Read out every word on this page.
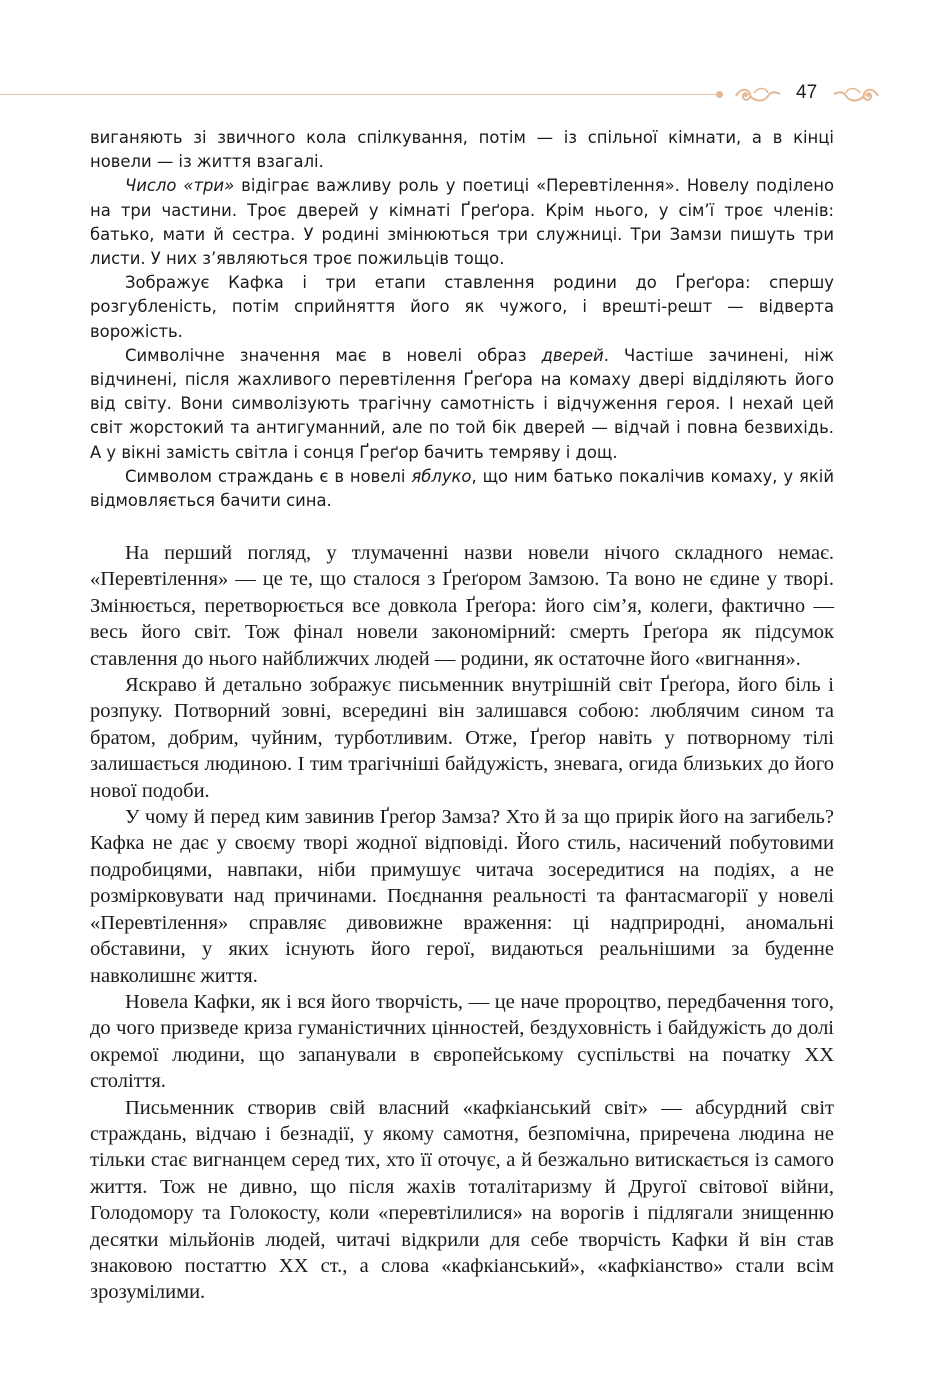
47

виганяють зі звичного кола спілкування, потім — із спільної кімнати, а в кінці новели — із життя взагалі.

Число «три» відіграє важливу роль у поетиці «Перевтілення». Новелу поділено на три частини. Троє дверей у кімнаті Ґреґора. Крім нього, у сім’ї троє членів: батько, мати й сестра. У родині змінюються три служниці. Три Замзи пишуть три листи. У них з’являються троє пожильців тощо.

Зображує Кафка і три етапи ставлення родини до Ґреґора: спершу розгубленість, потім сприйняття його як чужого, і врешті-решт — відверта ворожість.

Символічне значення має в новелі образ дверей. Частіше зачинені, ніж відчинені, після жахливого перевтілення Ґреґора на комаху двері відділяють його від світу. Вони символізують трагічну самотність і відчуження героя. І нехай цей світ жорстокий та антигуманний, але по той бік дверей — відчай і повна безвихідь. А у вікні замість світла і сонця Ґреґор бачить темряву і дощ.

Символом страждань є в новелі яблуко, що ним батько покалічив комаху, у якій відмовляється бачити сина.

На перший погляд, у тлумаченні назви новели нічого складного немає. «Перевтілення» — це те, що сталося з Ґреґором Замзою. Та воно не єдине у творі. Змінюється, перетворюється все довкола Ґреґора: його сім’я, колеги, фактично — весь його світ. Тож фінал новели закономірний: смерть Ґреґора як підсумок ставлення до нього найближчих людей — родини, як остаточне його «вигнання».

Яскраво й детально зображує письменник внутрішній світ Ґреґора, його біль і розпуку. Потворний зовні, всередині він залишався собою: люблячим сином та братом, добрим, чуйним, турботливим. Отже, Ґреґор навіть у потворному тілі залишається людиною. І тим трагічніші байдужість, зневага, огида близьких до його нової подоби.

У чому й перед ким завинив Ґреґор Замза? Хто й за що прирік його на загибель? Кафка не дає у своєму творі жодної відповіді. Його стиль, насичений побутовими подробицями, навпаки, ніби примушує читача зосередитися на подіях, а не розмірковувати над причинами. Поєднання реальності та фантасмагорії у новелі «Перевтілення» справляє дивовижне враження: ці надприродні, аномальні обставини, у яких існують його герої, видаються реальнішими за буденне навколишнє життя.

Новела Кафки, як і вся його творчість, — це наче пророцтво, передбачення того, до чого призведе криза гуманістичних цінностей, бездуховність і байдужість до долі окремої людини, що запанували в європейському суспільстві на початку XX століття.

Письменник створив свій власний «кафкіанський світ» — абсурдний світ страждань, відчаю і безнадії, у якому самотня, безпомічна, приречена людина не тільки стає вигнанцем серед тих, хто її оточує, а й безжально витискається із самого життя. Тож не дивно, що після жахів тоталітаризму й Другої світової війни, Голодомору та Голокосту, коли «перевтілилися» на ворогів і підлягали знищенню десятки мільйонів людей, читачі відкрили для себе творчість Кафки й він став знаковою постаттю XX ст., а слова «кафкіанський», «кафкіанство» стали всім зрозумілими.
